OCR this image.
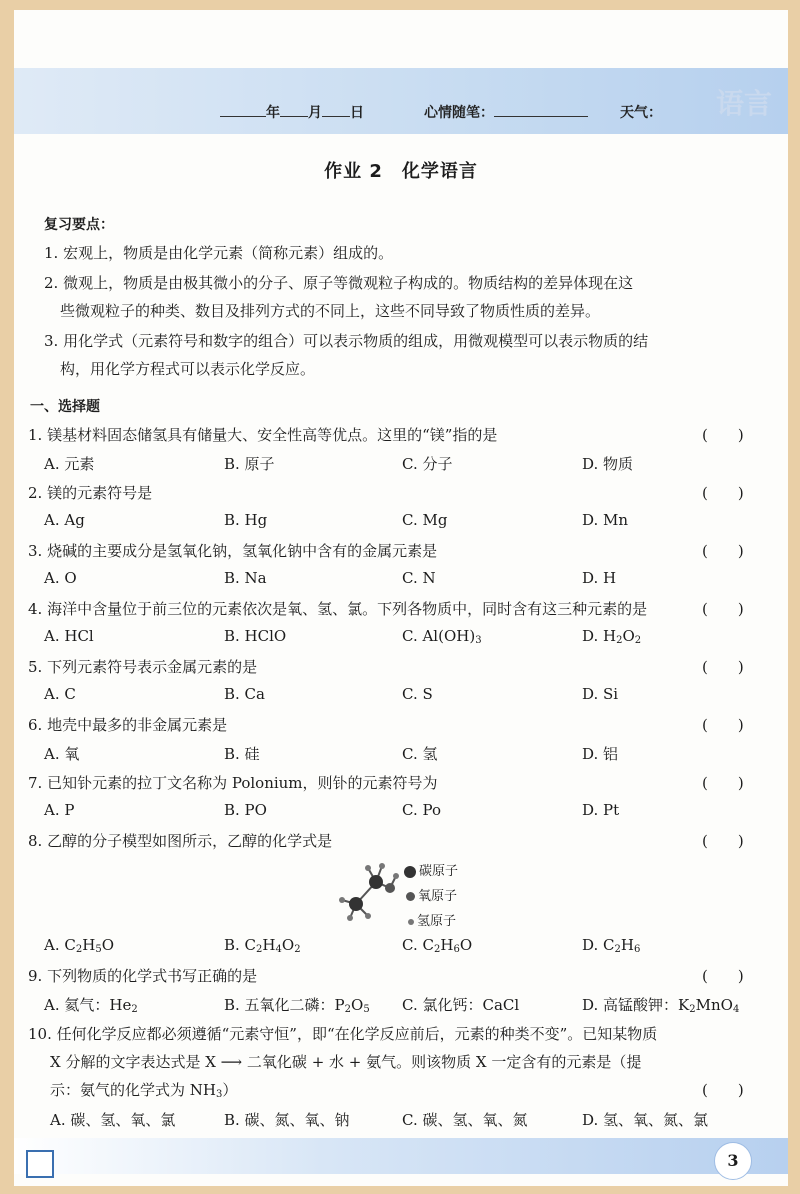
语言
年 月 日	心情随笔：	天气：
作业 2　化学语言
复习要点：
1. 宏观上，物质是由化学元素（简称元素）组成的。
2. 微观上，物质是由极其微小的分子、原子等微观粒子构成的。物质结构的差异体现在这
些微观粒子的种类、数目及排列方式的不同上，这些不同导致了物质性质的差异。
3. 用化学式（元素符号和数字的组合）可以表示物质的组成，用微观模型可以表示物质的结
构，用化学方程式可以表示化学反应。
一、选择题
1. 镁基材料固态储氢具有储量大、安全性高等优点。这里的“镁”指的是	(　　)
A. 元素	B. 原子	C. 分子	D. 物质
2. 镁的元素符号是	(　　)
A. Ag	B. Hg	C. Mg	D. Mn
3. 烧碱的主要成分是氢氧化钠，氢氧化钠中含有的金属元素是	(　　)
A. O	B. Na	C. N	D. H
4. 海洋中含量位于前三位的元素依次是氧、氢、氯。下列各物质中，同时含有这三种元素的是	(　　)
A. HCl	B. HClO	C. $Al(OH)_3$	D. $H_2O_2$
5. 下列元素符号表示金属元素的是	(　　)
A. C	B. Ca	C. S	D. Si
6. 地壳中最多的非金属元素是	(　　)
A. 氧	B. 硅	C. 氢	D. 铝
7. 已知钋元素的拉丁文名称为 Polonium，则钋的元素符号为	(　　)
A. P	B. PO	C. Po	D. Pt
8. 乙醇的分子模型如图所示，乙醇的化学式是	(　　)
碳原子
氧原子
氢原子
A. $C_2H_5O$	B. $C_2H_4O_2$	C. $C_2H_6O$	D. $C_2H_6$
9. 下列物质的化学式书写正确的是	(　　)
A. 氦气：$He_2$	B. 五氧化二磷：$P_2O_5$ C. 氯化钙：CaCl	D. 高锰酸钾：$K_2MnO_4$
10. 任何化学反应都必须遵循“元素守恒”，即“在化学反应前后，元素的种类不变”。已知某物质
X 分解的文字表达式是 X ⟶ 二氧化碳 + 水 + 氨气。则该物质 X 一定含有的元素是（提
示：氨气的化学式为 $NH_3$）	(　　)
A. 碳、氢、氧、氯	B. 碳、氮、氧、钠	C. 碳、氢、氧、氮	D. 氢、氧、氮、氯
3
